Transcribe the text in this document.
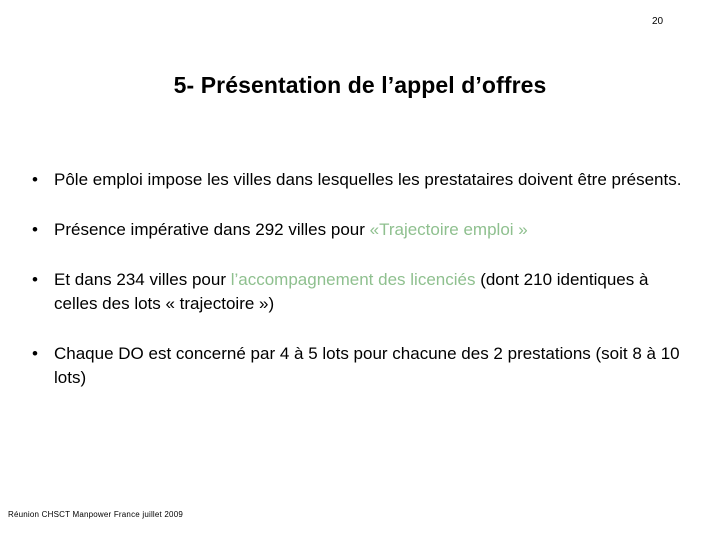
20
5- Présentation de l’appel d’offres
• Pôle emploi impose les villes dans lesquelles les prestataires doivent être présents.
• Présence impérative dans 292 villes pour «Trajectoire emploi »
• Et dans 234 villes pour l’accompagnement des licenciés (dont 210 identiques à celles des lots « trajectoire »)
• Chaque DO est concerné par 4 à 5 lots pour chacune des 2 prestations (soit 8 à 10 lots)
Réunion CHSCT Manpower France juillet 2009
